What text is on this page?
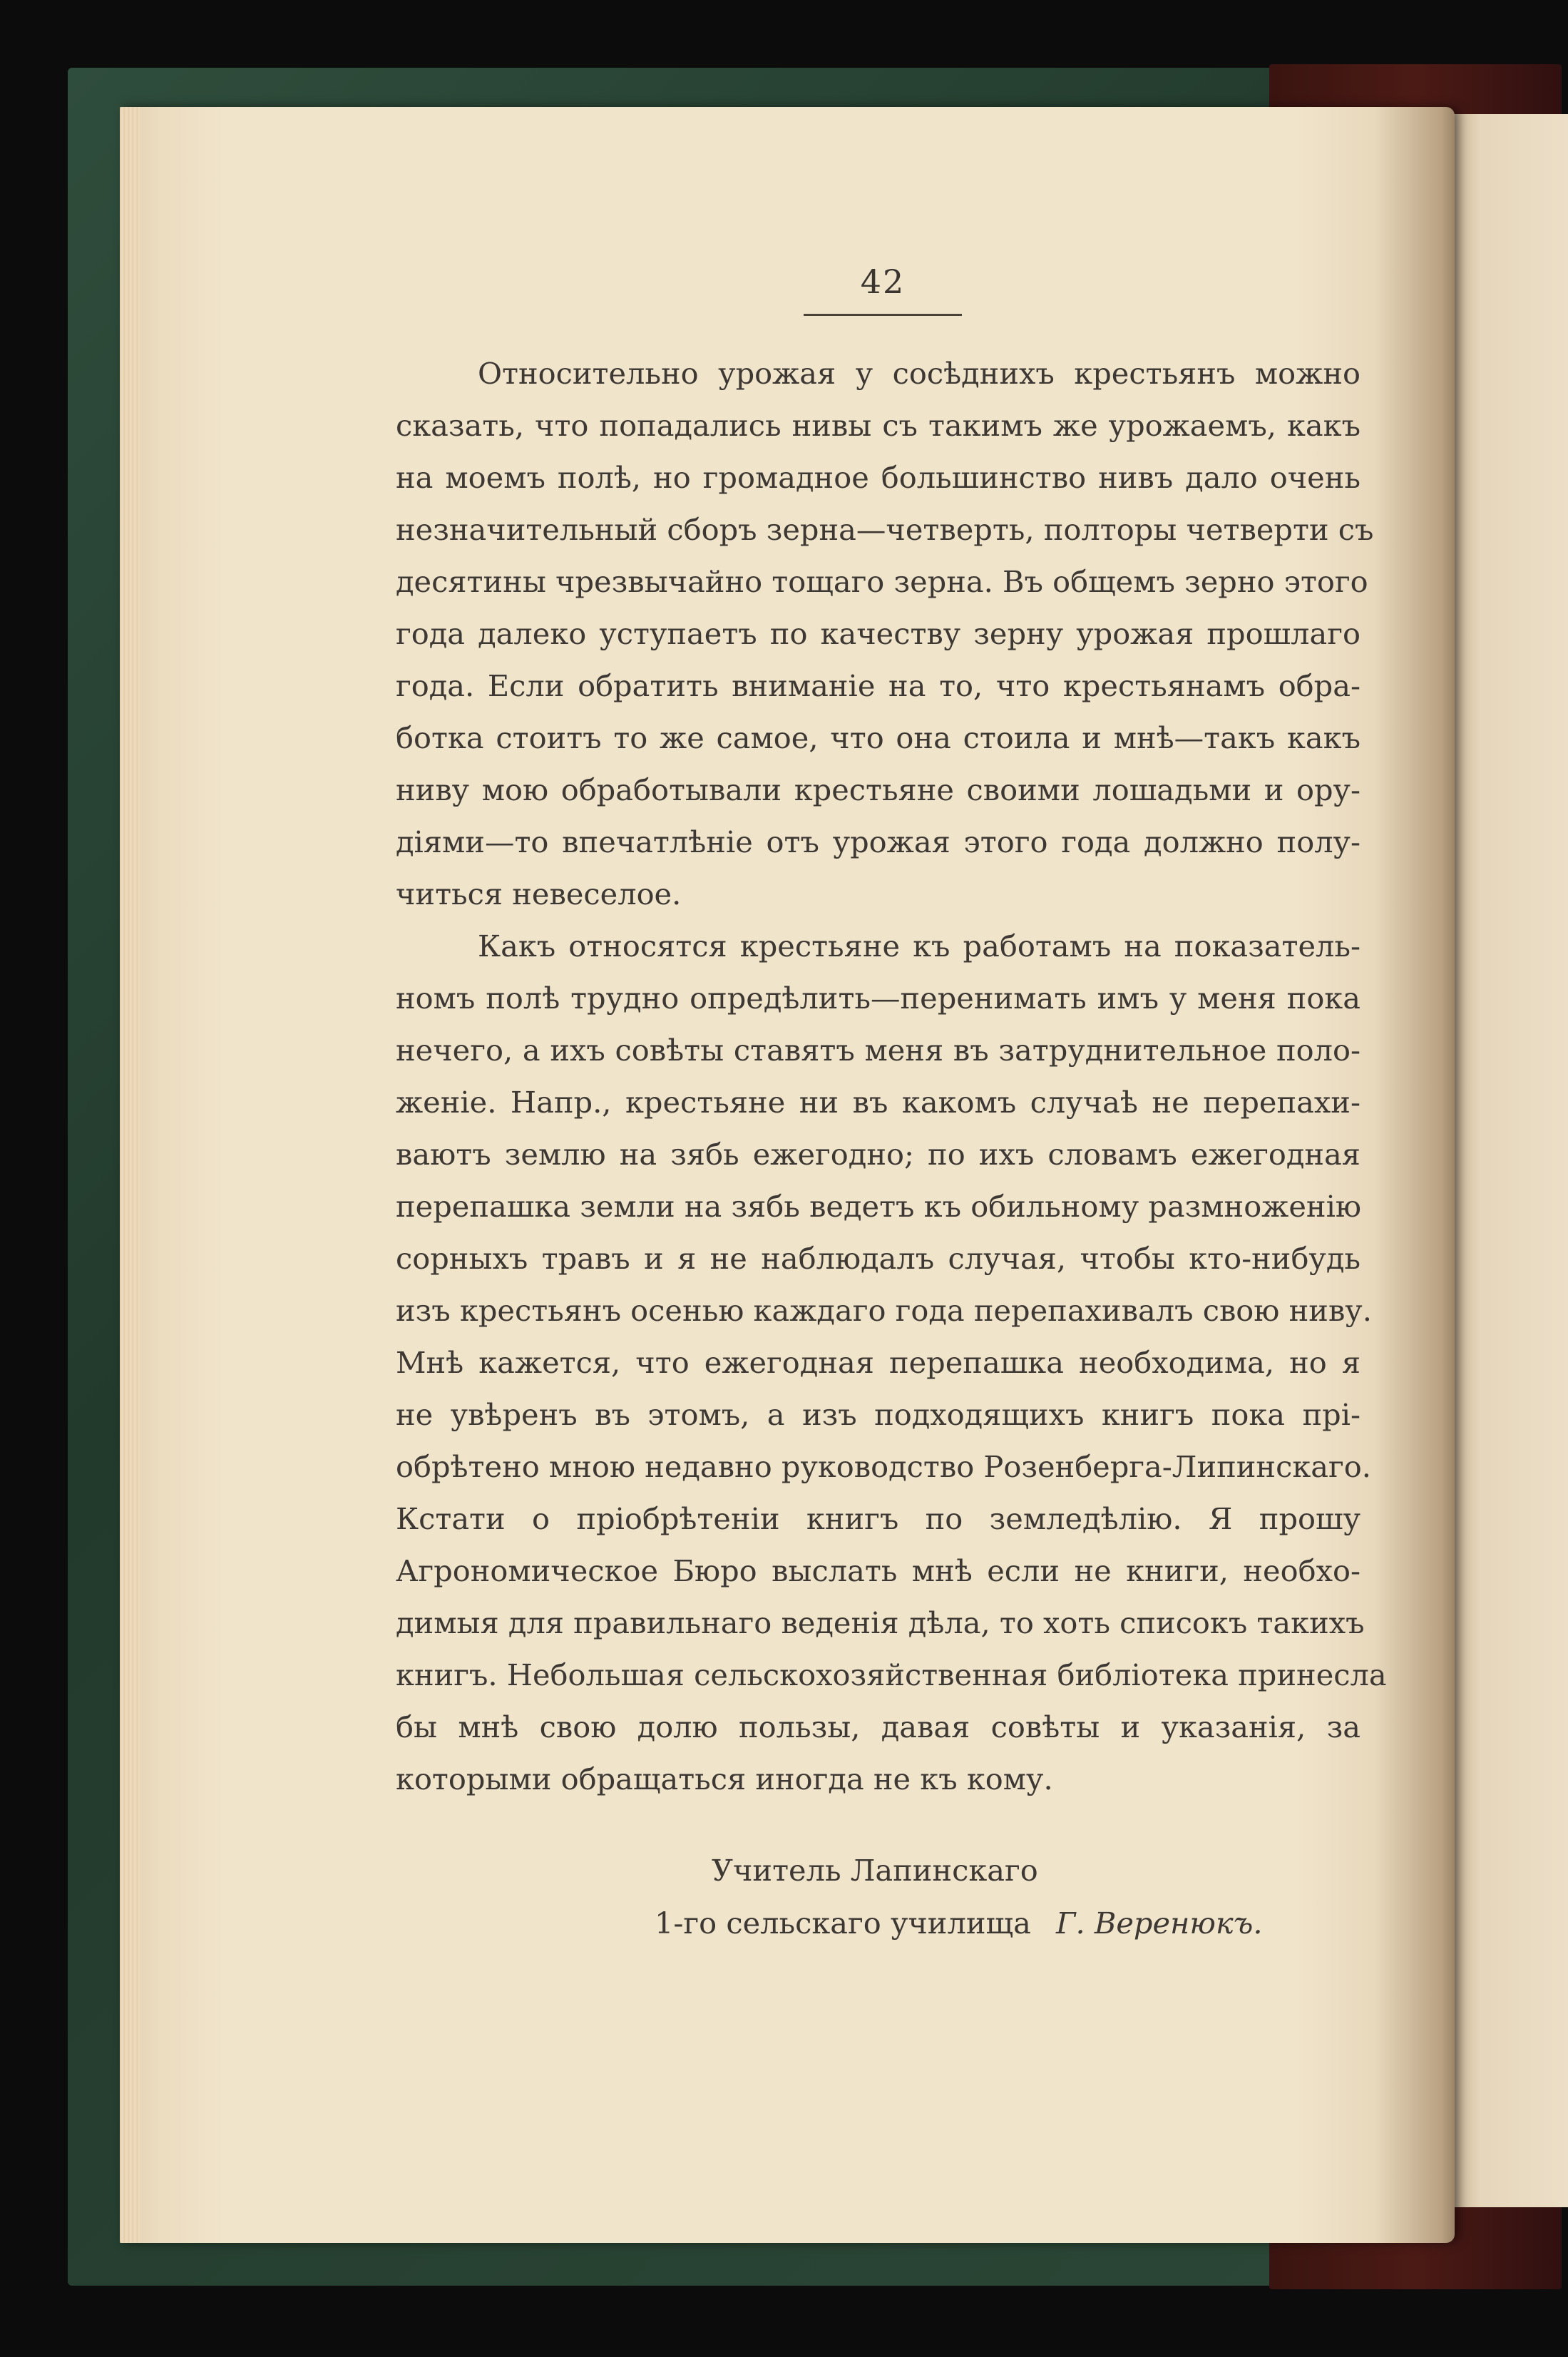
42
Относительно урожая у сосѣднихъ крестьянъ можно
сказать, что попадались нивы съ такимъ же урожаемъ, какъ
на моемъ полѣ, но громадное большинство нивъ дало очень
незначительный сборъ зерна—четверть, полторы четверти съ
десятины чрезвычайно тощаго зерна. Въ общемъ зерно этого
года далеко уступаетъ по качеству зерну урожая прошлаго
года. Если обратить вниманіе на то, что крестьянамъ обра-
ботка стоитъ то же самое, что она стоила и мнѣ—такъ какъ
ниву мою обработывали крестьяне своими лошадьми и ору-
діями—то впечатлѣніе отъ урожая этого года должно полу-
читься невеселое.
Какъ относятся крестьяне къ работамъ на показатель-
номъ полѣ трудно опредѣлить—перенимать имъ у меня пока
нечего, а ихъ совѣты ставятъ меня въ затруднительное поло-
женіе. Напр., крестьяне ни въ какомъ случаѣ не перепахи-
ваютъ землю на зябь ежегодно; по ихъ словамъ ежегодная
перепашка земли на зябь ведетъ къ обильному размноженію
сорныхъ травъ и я не наблюдалъ случая, чтобы кто-нибудь
изъ крестьянъ осенью каждаго года перепахивалъ свою ниву.
Мнѣ кажется, что ежегодная перепашка необходима, но я
не увѣренъ въ этомъ, а изъ подходящихъ книгъ пока прі-
обрѣтено мною недавно руководство Розенберга-Липинскаго.
Кстати о пріобрѣтеніи книгъ по земледѣлію. Я прошу
Агрономическое Бюро выслать мнѣ если не книги, необхо-
димыя для правильнаго веденія дѣла, то хоть списокъ такихъ
книгъ. Небольшая сельскохозяйственная библіотека принесла
бы мнѣ свою долю пользы, давая совѣты и указанія, за
которыми обращаться иногда не къ кому.
Учитель Лапинскаго
1-го сельскаго училища Г. Веренюкъ.
